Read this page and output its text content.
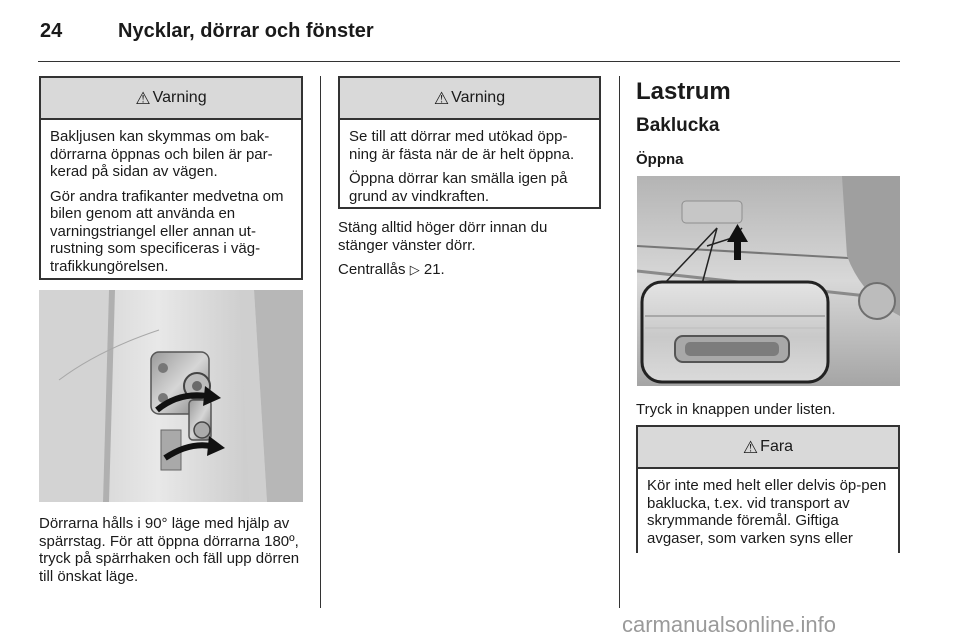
24	Nycklar, dörrar och fönster
⚠ Varning

Bakljusen kan skymmas om bak-dörrarna öppnas och bilen är par-kerad på sidan av vägen.

Gör andra trafikanter medvetna om bilen genom att använda en varningstriangel eller annan ut-rustning som specificeras i väg-trafikkungörelsen.

Dörrarna hålls i 90° läge med hjälp av spärrstag. För att öppna dörrarna 180º, tryck på spärrhaken och fäll upp dörren till önskat läge.

⚠ Varning

Se till att dörrar med utökad öpp-ning är fästa när de är helt öppna.

Öppna dörrar kan smälla igen på grund av vindkraften.

Stäng alltid höger dörr innan du stänger vänster dörr.

Centrallås ▷ 21.

Lastrum
Baklucka
Öppna

Tryck in knappen under listen.

⚠ Fara

Kör inte med helt eller delvis öp-pen baklucka, t.ex. vid transport av skrymmande föremål. Giftiga avgaser, som varken syns eller

carmanualsonline.info
